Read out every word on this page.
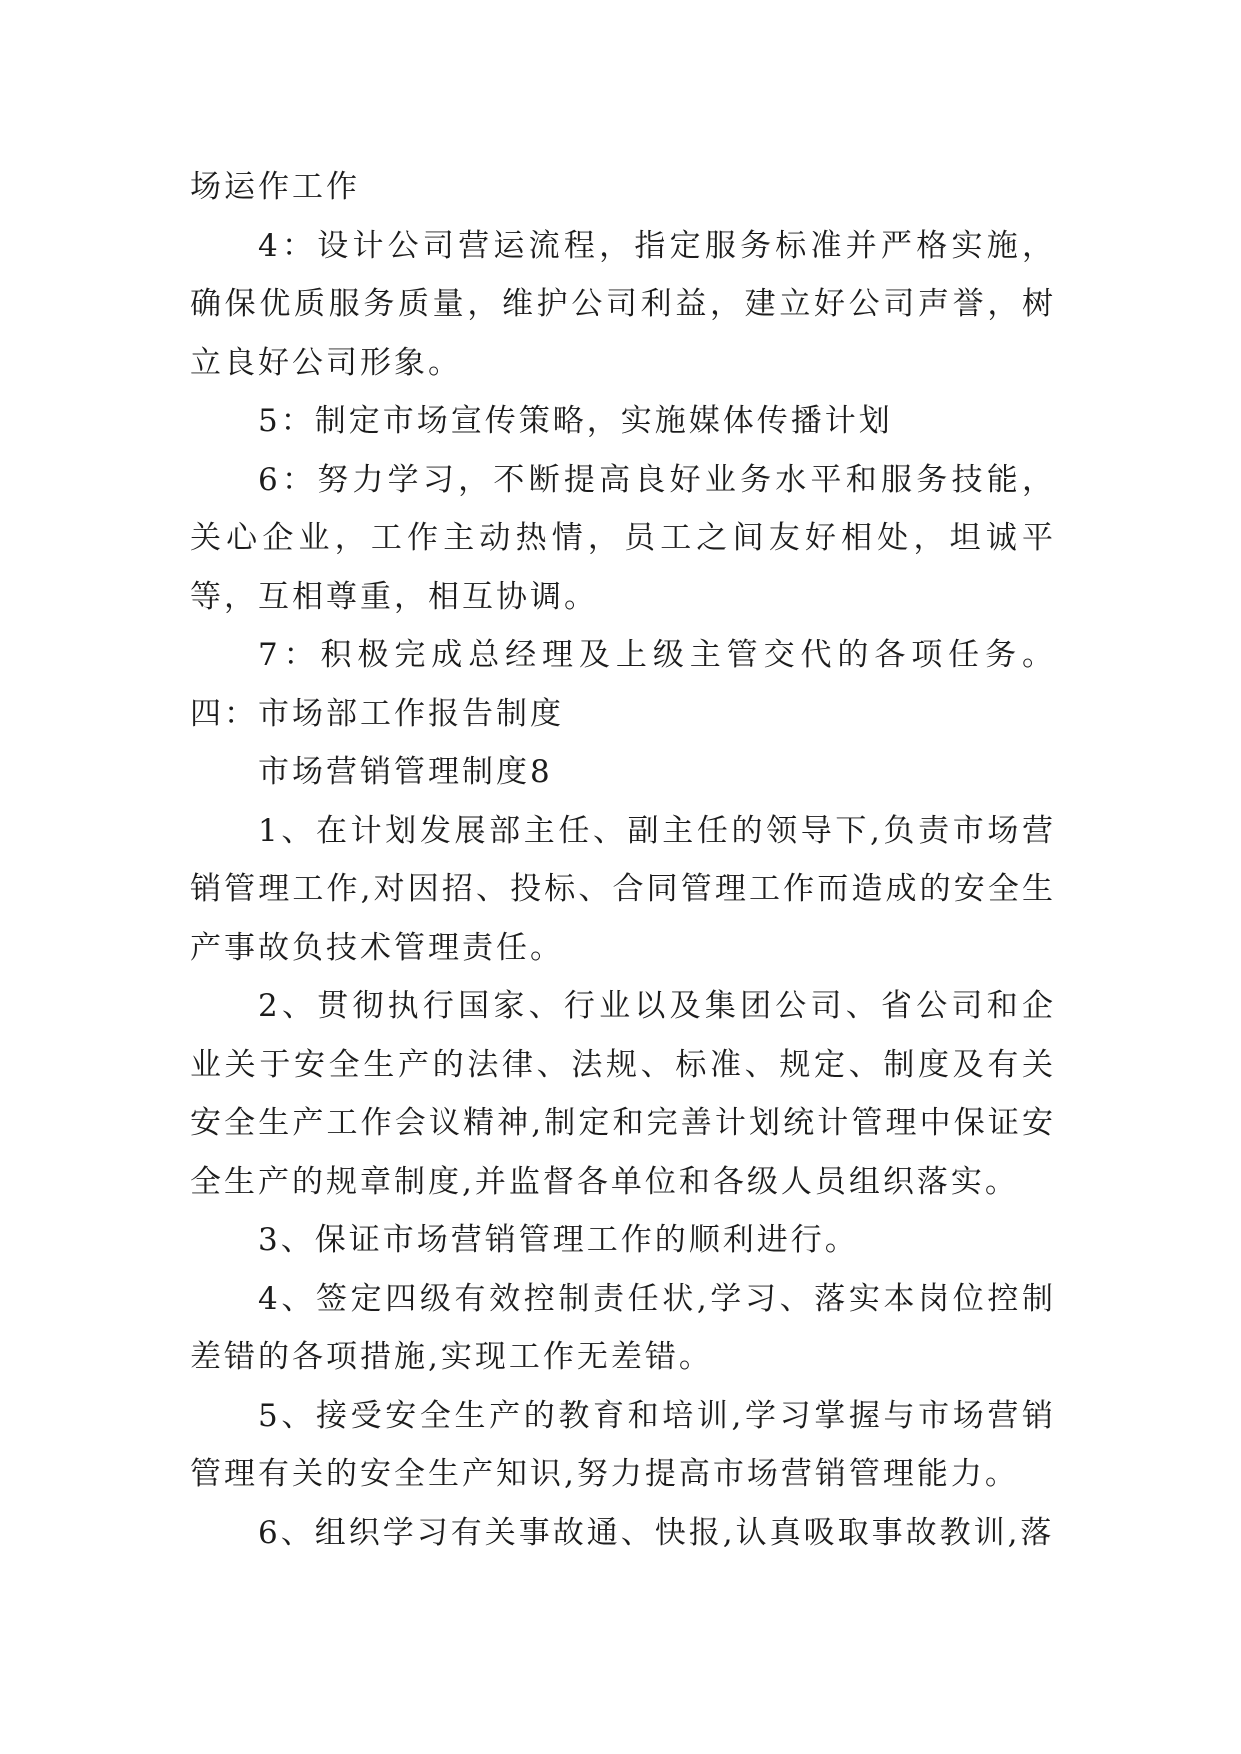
场运作工作

4：设计公司营运流程，指定服务标准并严格实施，确保优质服务质量，维护公司利益，建立好公司声誉，树立良好公司形象。

5：制定市场宣传策略，实施媒体传播计划

6：努力学习，不断提高良好业务水平和服务技能，关心企业，工作主动热情，员工之间友好相处，坦诚平等，互相尊重，相互协调。

7：积极完成总经理及上级主管交代的各项任务。四：市场部工作报告制度

市场营销管理制度8

1、在计划发展部主任、副主任的领导下,负责市场营销管理工作,对因招、投标、合同管理工作而造成的安全生产事故负技术管理责任。

2、贯彻执行国家、行业以及集团公司、省公司和企业关于安全生产的法律、法规、标准、规定、制度及有关安全生产工作会议精神,制定和完善计划统计管理中保证安全生产的规章制度,并监督各单位和各级人员组织落实。

3、保证市场营销管理工作的顺利进行。

4、签定四级有效控制责任状,学习、落实本岗位控制差错的各项措施,实现工作无差错。

5、接受安全生产的教育和培训,学习掌握与市场营销管理有关的安全生产知识,努力提高市场营销管理能力。

6、组织学习有关事故通、快报,认真吸取事故教训,落
